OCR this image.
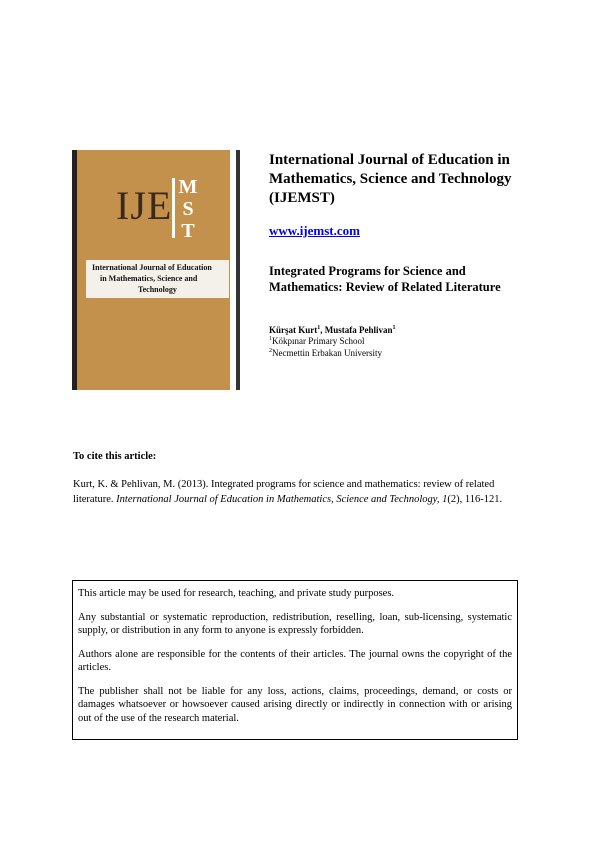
IJE M
S
T
International Journal of Education
in Mathematics, Science and
Technology
International Journal of Education in Mathematics, Science and Technology (IJEMST)
www.ijemst.com
Integrated Programs for Science and Mathematics: Review of Related Literature
Kürşat Kurt$^1$, Mustafa Pehlivan$^1$
$^1$Kökpınar Primary School
$^2$Necmettin Erbakan University
To cite this article:
Kurt, K. & Pehlivan, M. (2013). Integrated programs for science and mathematics: review of related literature. International Journal of Education in Mathematics, Science and Technology, 1(2), 116-121.

This article may be used for research, teaching, and private study purposes.

Any substantial or systematic reproduction, redistribution, reselling, loan, sub-licensing, systematic supply, or distribution in any form to anyone is expressly forbidden.

Authors alone are responsible for the contents of their articles. The journal owns the copyright of the articles.

The publisher shall not be liable for any loss, actions, claims, proceedings, demand, or costs or damages whatsoever or howsoever caused arising directly or indirectly in connection with or arising out of the use of the research material.
